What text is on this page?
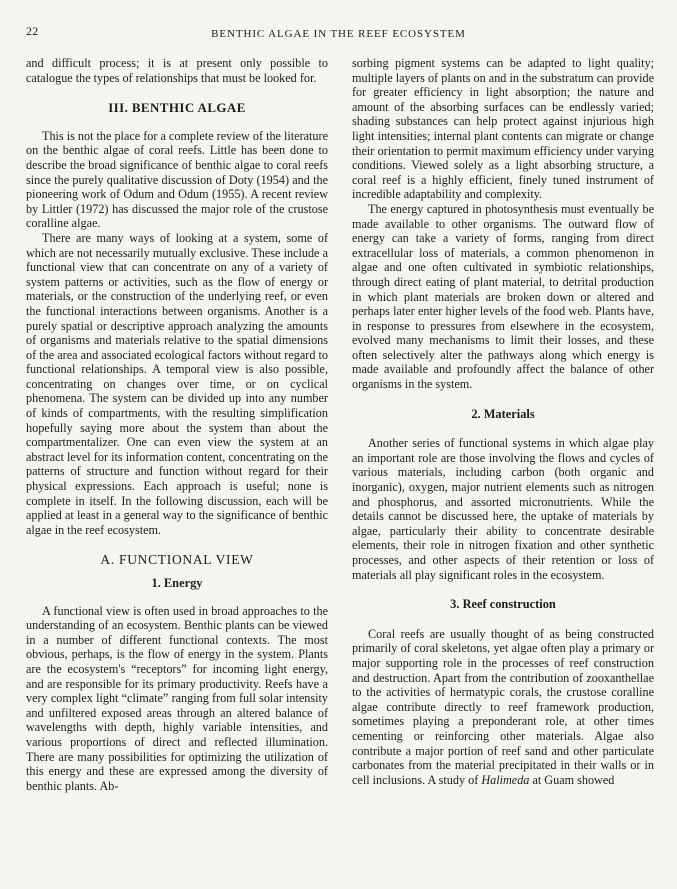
22	BENTHIC ALGAE IN THE REEF ECOSYSTEM

and difficult process; it is at present only possible to catalogue the types of relationships that must be looked for.

III. BENTHIC ALGAE

This is not the place for a complete review of the literature on the benthic algae of coral reefs. Little has been done to describe the broad significance of benthic algae to coral reefs since the purely qualitative discussion of Doty (1954) and the pioneering work of Odum and Odum (1955). A recent review by Littler (1972) has discussed the major role of the crustose coralline algae.

There are many ways of looking at a system, some of which are not necessarily mutually exclusive. These include a functional view that can concentrate on any of a variety of system patterns or activities, such as the flow of energy or materials, or the construction of the underlying reef, or even the functional interactions between organisms. Another is a purely spatial or descriptive approach analyzing the amounts of organisms and materials relative to the spatial dimensions of the area and associated ecological factors without regard to functional relationships. A temporal view is also possible, concentrating on changes over time, or on cyclical phenomena. The system can be divided up into any number of kinds of compartments, with the resulting simplification hopefully saying more about the system than about the compartmentalizer. One can even view the system at an abstract level for its information content, concentrating on the patterns of structure and function without regard for their physical expressions. Each approach is useful; none is complete in itself. In the following discussion, each will be applied at least in a general way to the significance of benthic algae in the reef ecosystem.

A. FUNCTIONAL VIEW
1. Energy

A functional view is often used in broad approaches to the understanding of an ecosystem. Benthic plants can be viewed in a number of different functional contexts. The most obvious, perhaps, is the flow of energy in the system. Plants are the ecosystem's “receptors” for incoming light energy, and are responsible for its primary productivity. Reefs have a very complex light “climate” ranging from full solar intensity and unfiltered exposed areas through an altered balance of wavelengths with depth, highly variable intensities, and various proportions of direct and reflected illumination. There are many possibilities for optimizing the utilization of this energy and these are expressed among the diversity of benthic plants. Ab-

sorbing pigment systems can be adapted to light quality; multiple layers of plants on and in the substratum can provide for greater efficiency in light absorption; the nature and amount of the absorbing surfaces can be endlessly varied; shading substances can help protect against injurious high light intensities; internal plant contents can migrate or change their orientation to permit maximum efficiency under varying conditions. Viewed solely as a light absorbing structure, a coral reef is a highly efficient, finely tuned instrument of incredible adaptability and complexity.

The energy captured in photosynthesis must eventually be made available to other organisms. The outward flow of energy can take a variety of forms, ranging from direct extracellular loss of materials, a common phenomenon in algae and one often cultivated in symbiotic relationships, through direct eating of plant material, to detrital production in which plant materials are broken down or altered and perhaps later enter higher levels of the food web. Plants have, in response to pressures from elsewhere in the ecosystem, evolved many mechanisms to limit their losses, and these often selectively alter the pathways along which energy is made available and profoundly affect the balance of other organisms in the system.

2. Materials

Another series of functional systems in which algae play an important role are those involving the flows and cycles of various materials, including carbon (both organic and inorganic), oxygen, major nutrient elements such as nitrogen and phosphorus, and assorted micronutrients. While the details cannot be discussed here, the uptake of materials by algae, particularly their ability to concentrate desirable elements, their role in nitrogen fixation and other synthetic processes, and other aspects of their retention or loss of materials all play significant roles in the ecosystem.

3. Reef construction

Coral reefs are usually thought of as being constructed primarily of coral skeletons, yet algae often play a primary or major supporting role in the processes of reef construction and destruction. Apart from the contribution of zooxanthellae to the activities of hermatypic corals, the crustose coralline algae contribute directly to reef framework production, sometimes playing a preponderant role, at other times cementing or reinforcing other materials. Algae also contribute a major portion of reef sand and other particulate carbonates from the material precipitated in their walls or in cell inclusions. A study of Halimeda at Guam showed
